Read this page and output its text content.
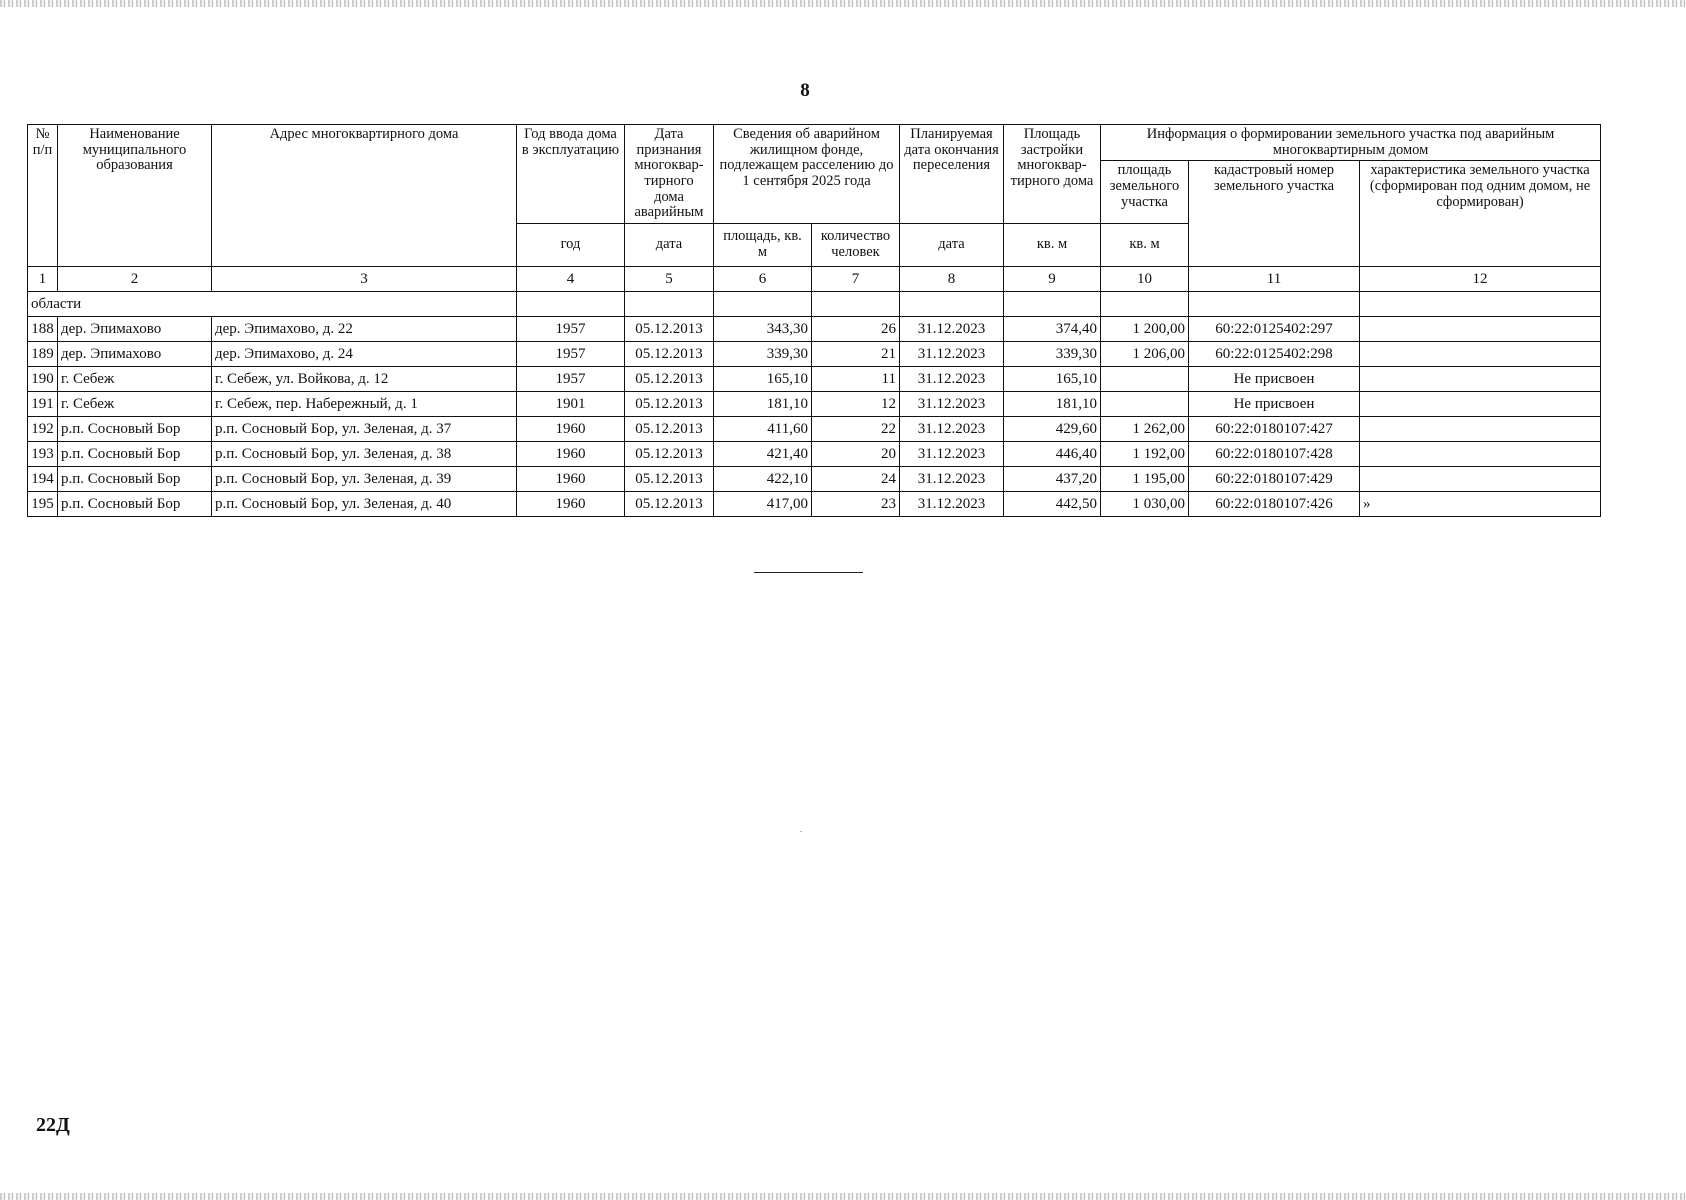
8
№ п/п	Наименование муниципального образования	Адрес многоквартирного дома	Год ввода дома в эксплуатацию	Дата признания многоквар-тирного дома аварийным	Сведения об аварийном жилищном фонде, подлежащем расселению до 1 сентября 2025 года		Планируемая дата окончания переселения	Площадь застройки многоквар-тирного дома	Информация о формировании земельного участка под аварийным многоквартирным домом		
									площадь земельного участка	кадастровый номер земельного участка	характеристика земельного участка (сформирован под одним домом, не сформирован)
			год	дата	площадь, кв. м	количество человек	дата	кв. м	кв. м		
1	2	3	4	5	6	7	8	9	10	11	12
области											
188	дер. Эпимахово	дер. Эпимахово, д. 22	1957	05.12.2013	343,30	26	31.12.2023	374,40	1 200,00	60:22:0125402:297	
189	дер. Эпимахово	дер. Эпимахово, д. 24	1957	05.12.2013	339,30	21	31.12.2023	339,30	1 206,00	60:22:0125402:298	
190	г. Себеж	г. Себеж, ул. Войкова, д. 12	1957	05.12.2013	165,10	11	31.12.2023	165,10		Не присвоен	
191	г. Себеж	г. Себеж, пер. Набережный, д. 1	1901	05.12.2013	181,10	12	31.12.2023	181,10		Не присвоен	
192	р.п. Сосновый Бор	р.п. Сосновый Бор, ул. Зеленая, д. 37	1960	05.12.2013	411,60	22	31.12.2023	429,60	1 262,00	60:22:0180107:427	
193	р.п. Сосновый Бор	р.п. Сосновый Бор, ул. Зеленая, д. 38	1960	05.12.2013	421,40	20	31.12.2023	446,40	1 192,00	60:22:0180107:428	
194	р.п. Сосновый Бор	р.п. Сосновый Бор, ул. Зеленая, д. 39	1960	05.12.2013	422,10	24	31.12.2023	437,20	1 195,00	60:22:0180107:429	
195	р.п. Сосновый Бор	р.п. Сосновый Бор, ул. Зеленая, д. 40	1960	05.12.2013	417,00	23	31.12.2023	442,50	1 030,00	60:22:0180107:426	»
22Д
